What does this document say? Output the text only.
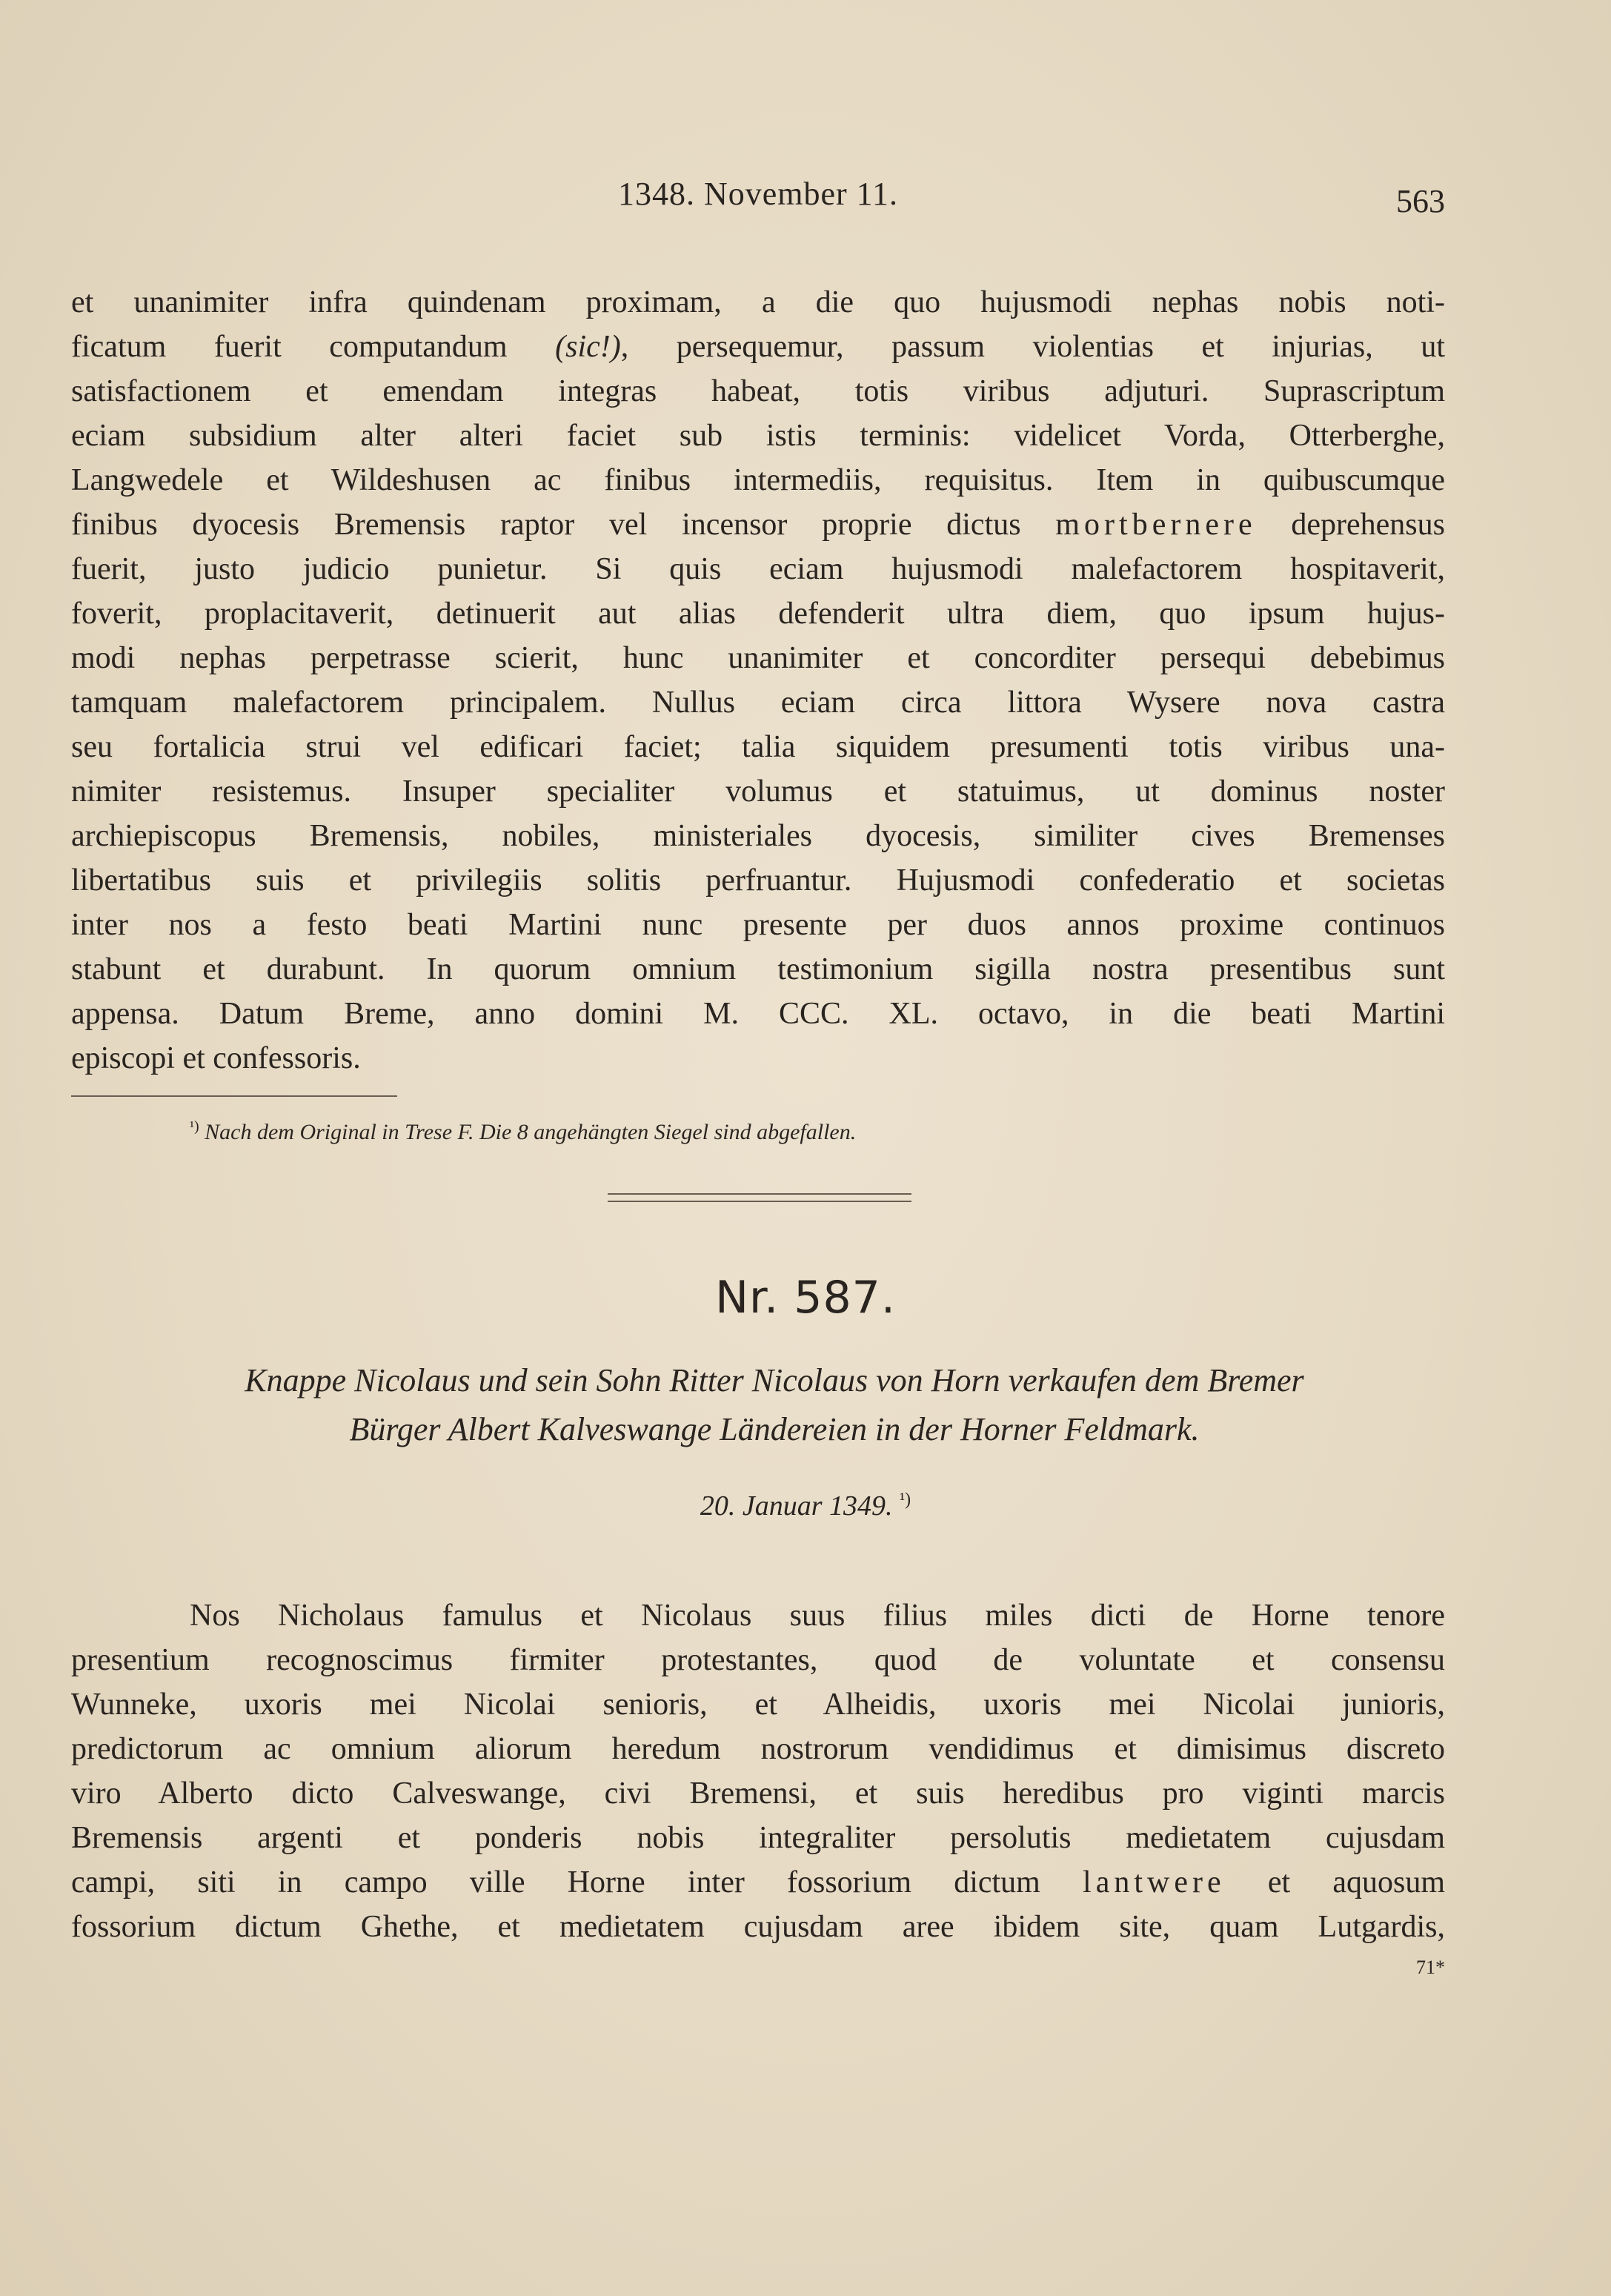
1348. November 11.	563
et unanimiter infra quindenam proximam, a die quo hujusmodi nephas nobis noti-
ficatum fuerit computandum (sic!), persequemur, passum violentias et injurias, ut
satisfactionem et emendam integras habeat, totis viribus adjuturi. Suprascriptum
eciam subsidium alter alteri faciet sub istis terminis: videlicet Vorda, Otterberghe,
Langwedele et Wildeshusen ac finibus intermediis, requisitus. Item in quibuscumque
finibus dyocesis Bremensis raptor vel incensor proprie dictus mortbernere deprehensus
fuerit, justo judicio punietur. Si quis eciam hujusmodi malefactorem hospitaverit,
foverit, proplacitaverit, detinuerit aut alias defenderit ultra diem, quo ipsum hujus-
modi nephas perpetrasse scierit, hunc unanimiter et concorditer persequi debebimus
tamquam malefactorem principalem. Nullus eciam circa littora Wysere nova castra
seu fortalicia strui vel edificari faciet; talia siquidem presumenti totis viribus una-
nimiter resistemus. Insuper specialiter volumus et statuimus, ut dominus noster
archiepiscopus Bremensis, nobiles, ministeriales dyocesis, similiter cives Bremenses
libertatibus suis et privilegiis solitis perfruantur. Hujusmodi confederatio et societas
inter nos a festo beati Martini nunc presente per duos annos proxime continuos
stabunt et durabunt. In quorum omnium testimonium sigilla nostra presentibus sunt
appensa. Datum Breme, anno domini M. CCC. XL. octavo, in die beati Martini
episcopi et confessoris.
$^{^1)}$ Nach dem Original in Trese F. Die 8 angehängten Siegel sind abgefallen.
Nr. 587.
Knappe Nicolaus und sein Sohn Ritter Nicolaus von Horn verkaufen dem Bremer
Bürger Albert Kalveswange Ländereien in der Horner Feldmark.
20. Januar 1349. $^{^1)}$
Nos Nicholaus famulus et Nicolaus suus filius miles dicti de Horne tenore
presentium recognoscimus firmiter protestantes, quod de voluntate et consensu
Wunneke, uxoris mei Nicolai senioris, et Alheidis, uxoris mei Nicolai junioris,
predictorum ac omnium aliorum heredum nostrorum vendidimus et dimisimus discreto
viro Alberto dicto Calveswange, civi Bremensi, et suis heredibus pro viginti marcis
Bremensis argenti et ponderis nobis integraliter persolutis medietatem cujusdam
campi, siti in campo ville Horne inter fossorium dictum lantwere et aquosum
fossorium dictum Ghethe, et medietatem cujusdam aree ibidem site, quam Lutgardis,
71*
